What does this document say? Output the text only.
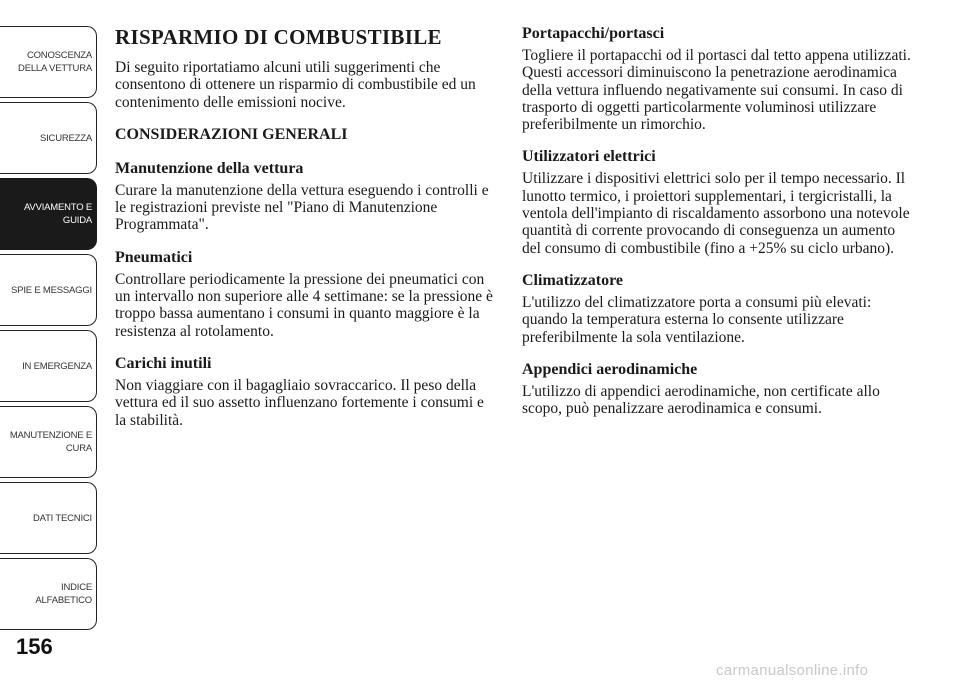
CONOSCENZA
DELLA VETTURA
SICUREZZA
AVVIAMENTO E
GUIDA
SPIE E MESSAGGI
IN EMERGENZA
MANUTENZIONE E
CURA
DATI TECNICI
INDICE
ALFABETICO
156
RISPARMIO DI COMBUSTIBILE

Di seguito riportatiamo alcuni utili suggerimenti che consentono di ottenere un risparmio di combustibile ed un contenimento delle emissioni nocive.

CONSIDERAZIONI GENERALI
Manutenzione della vettura

Curare la manutenzione della vettura eseguendo i controlli e le registrazioni previste nel "Piano di Manutenzione Programmata".

Pneumatici

Controllare periodicamente la pressione dei pneumatici con un intervallo non superiore alle 4 settimane: se la pressione è troppo bassa aumentano i consumi in quanto maggiore è la resistenza al rotolamento.

Carichi inutili

Non viaggiare con il bagagliaio sovraccarico. Il peso della vettura ed il suo assetto influenzano fortemente i consumi e la stabilità.

Portapacchi/portasci

Togliere il portapacchi od il portasci dal tetto appena utilizzati. Questi accessori diminuiscono la penetrazione aerodinamica della vettura influendo negativamente sui consumi. In caso di trasporto di oggetti particolarmente voluminosi utilizzare preferibilmente un rimorchio.

Utilizzatori elettrici

Utilizzare i dispositivi elettrici solo per il tempo necessario. Il lunotto termico, i proiettori supplementari, i tergicristalli, la ventola dell'impianto di riscaldamento assorbono una notevole quantità di corrente provocando di conseguenza un aumento del consumo di combustibile (fino a +25% su ciclo urbano).

Climatizzatore

L'utilizzo del climatizzatore porta a consumi più elevati: quando la temperatura esterna lo consente utilizzare preferibilmente la sola ventilazione.

Appendici aerodinamiche

L'utilizzo di appendici aerodinamiche, non certificate allo scopo, può penalizzare aerodinamica e consumi.

carmanualsonline.info
